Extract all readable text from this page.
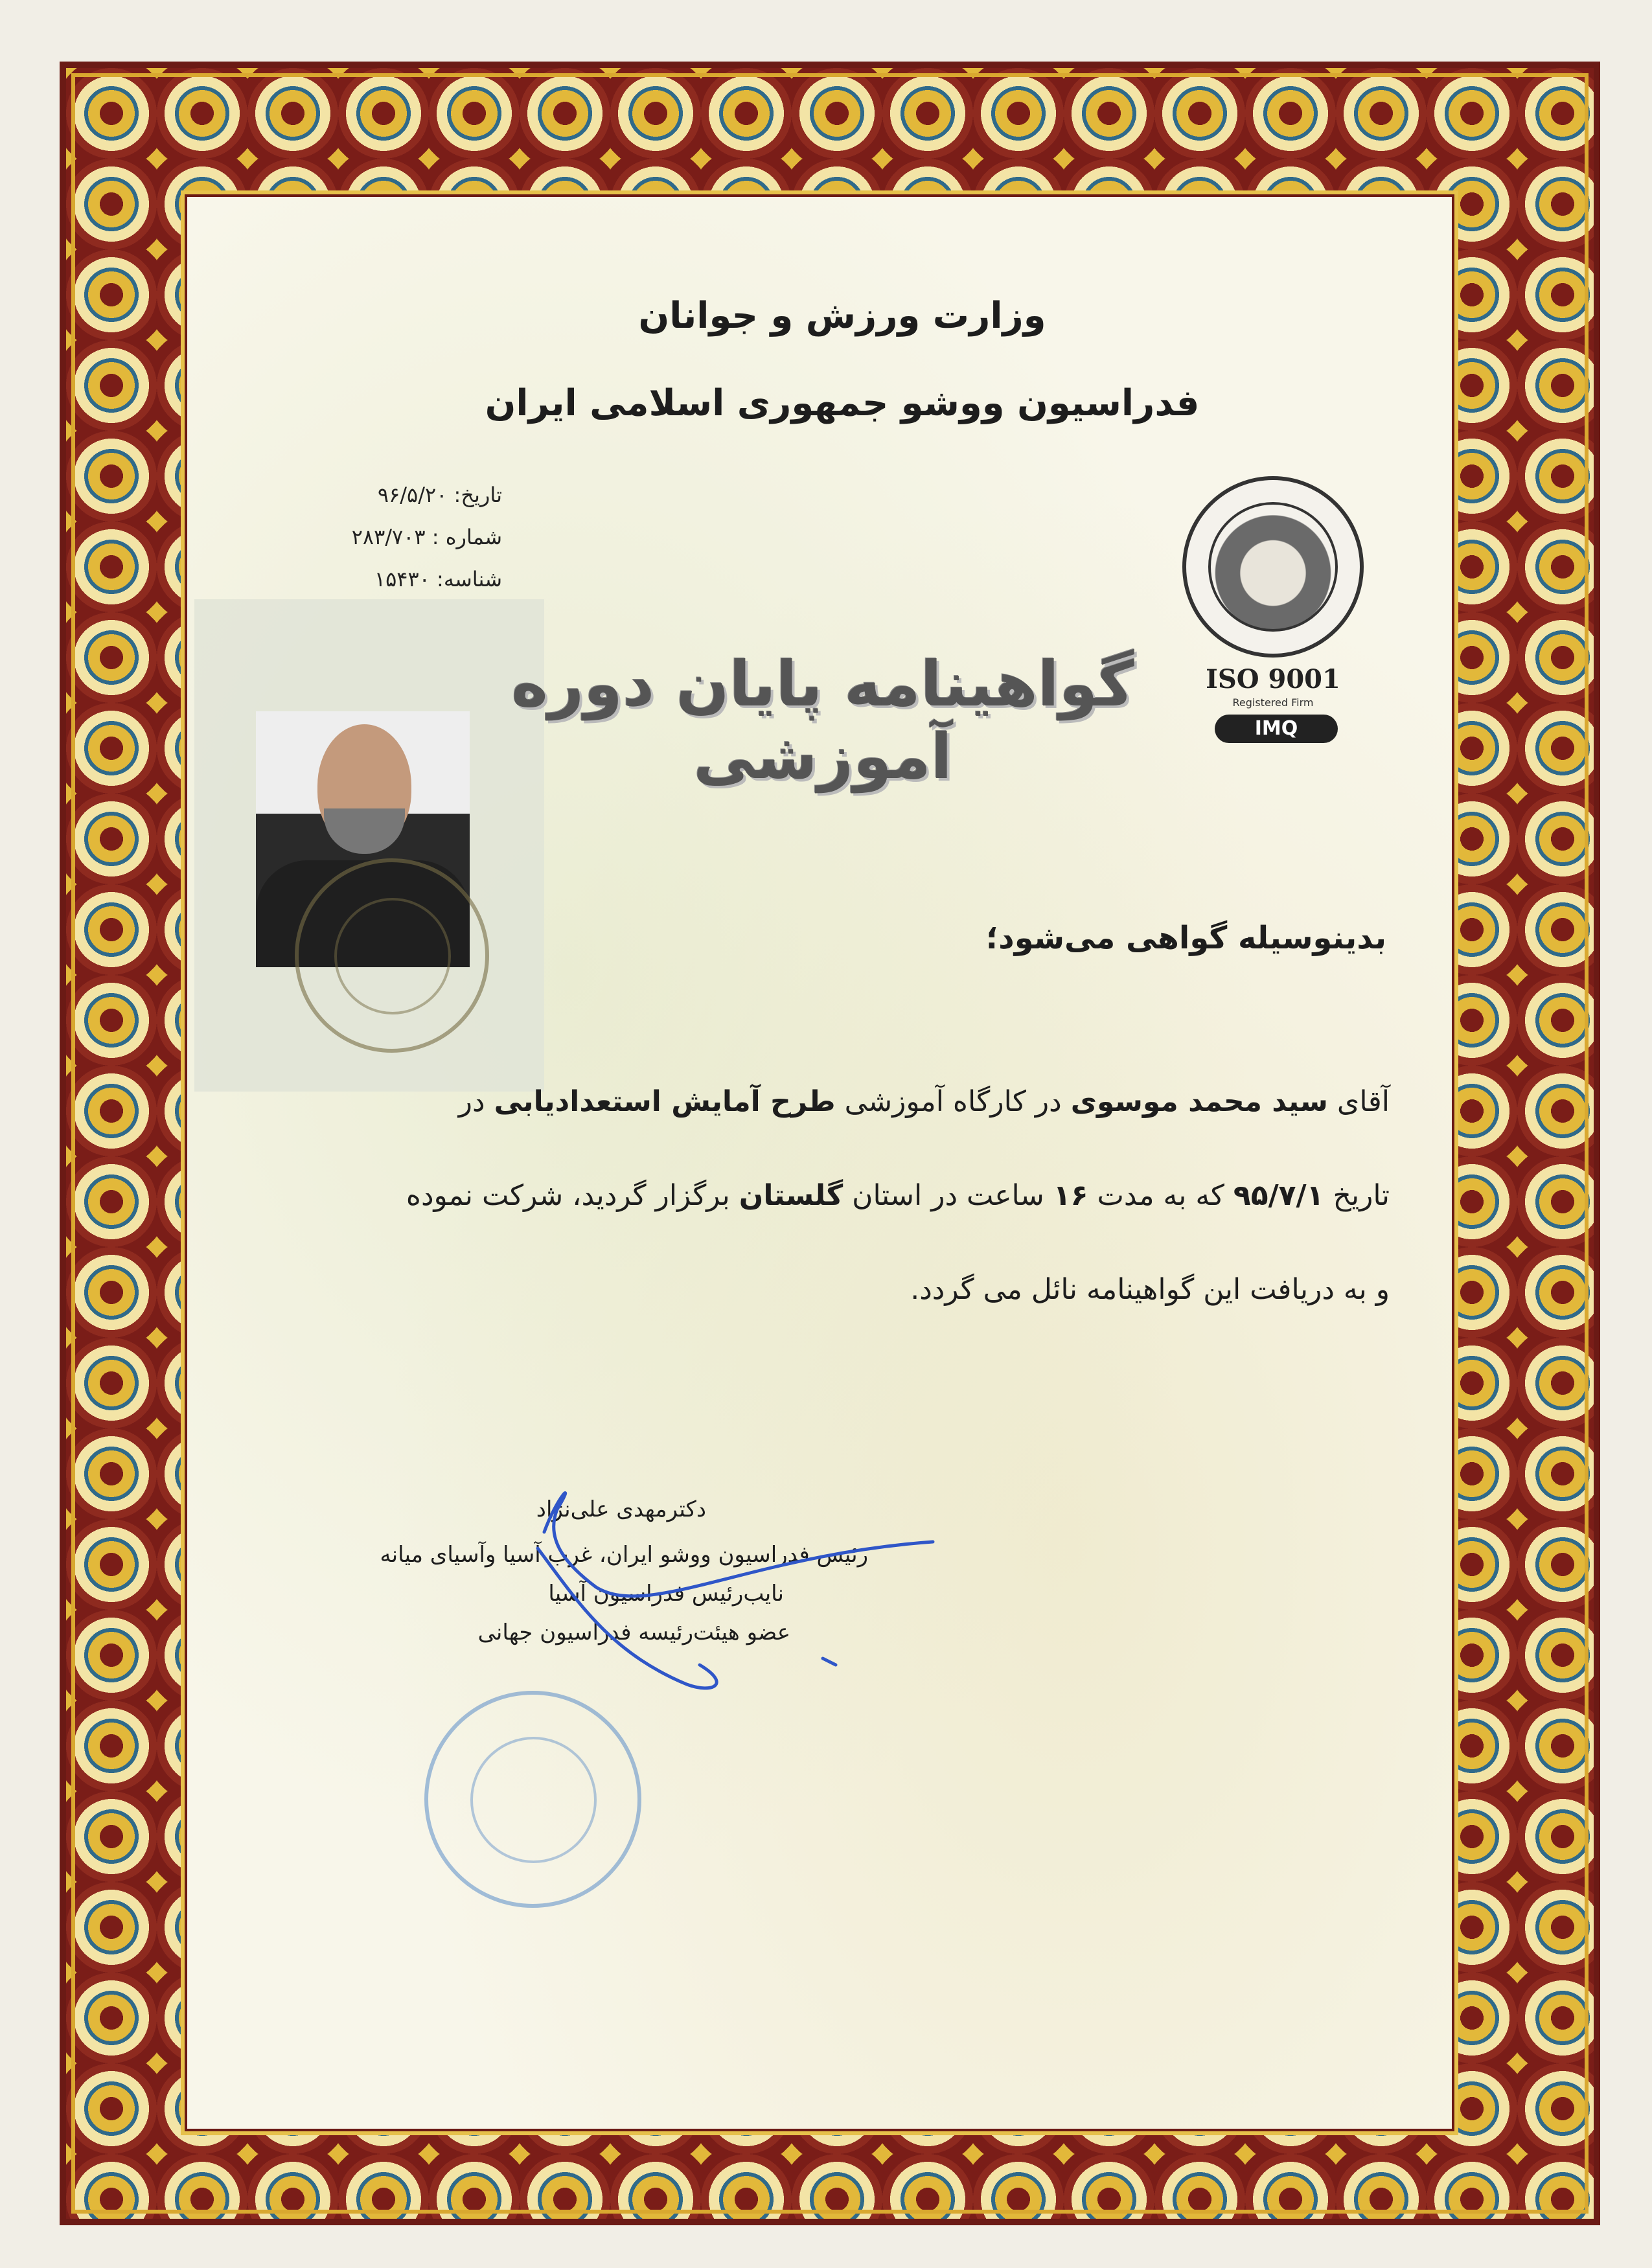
وزارت ورزش و جوانان
فدراسیون ووشو جمهوری اسلامی ایران
تاریخ: ۹۶/۵/۲۰
شماره : ۲۸۳/۷۰۳
شناسه: ۱۵۴۳۰
ISO 9001
Registered Firm
IMQ
گواهینامه پایان دوره آموزشی
بدینوسیله گواهی می‌شود؛
آقای سید محمد موسوی در کارگاه آموزشی طرح آمایش استعدادیابی در
تاریخ ۹۵/۷/۱ که به مدت ۱۶ ساعت در استان گلستان برگزار گردید، شرکت نموده
و به دریافت این گواهینامه نائل می گردد.
دکترمهدی علی‌نژاد
رئیس فدراسیون ووشو ایران، غرب آسیا وآسیای میانه
نایب‌رئیس فدراسیون آسیا
عضو هیئت‌رئیسه فدراسیون جهانی
